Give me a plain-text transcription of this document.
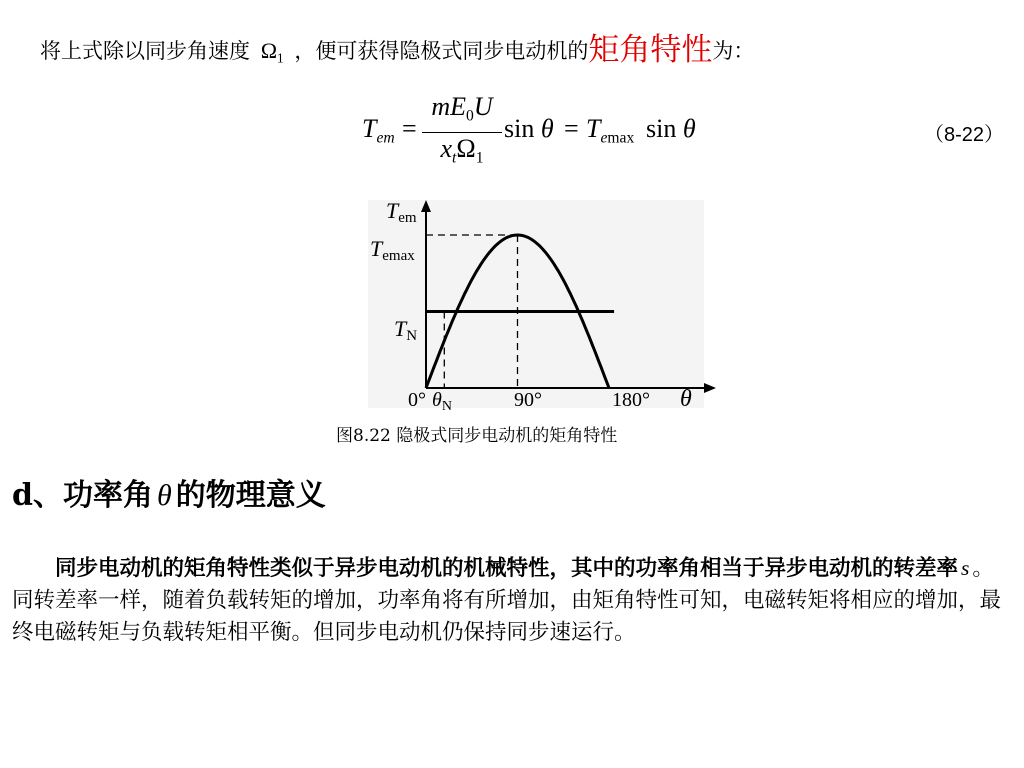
将上式除以同步角速度 $\Omega_1$ ，便可获得隐极式同步电动机的矩角特性为：
$T_{em}$ =
$mE_0U$
$x_t\Omega_1$
$\sin \theta = T_{emax}$ sin θ	（8-22）
Tem
Temax
TN
0° $\theta_N$	90°	180° θ
图8.22 隐极式同步电动机的矩角特性
d、功率角 θ 的物理意义
同步电动机的矩角特性类似于异步电动机的机械特性，其中的功率角相当于异步电动机的转差率 s 。同转差率一样，随着负载转矩的增加，功率角将有所增加，由矩角特性可知，电磁转矩将相应的增加，最终电磁转矩与负载转矩相平衡。但同步电动机仍保持同步速运行。
